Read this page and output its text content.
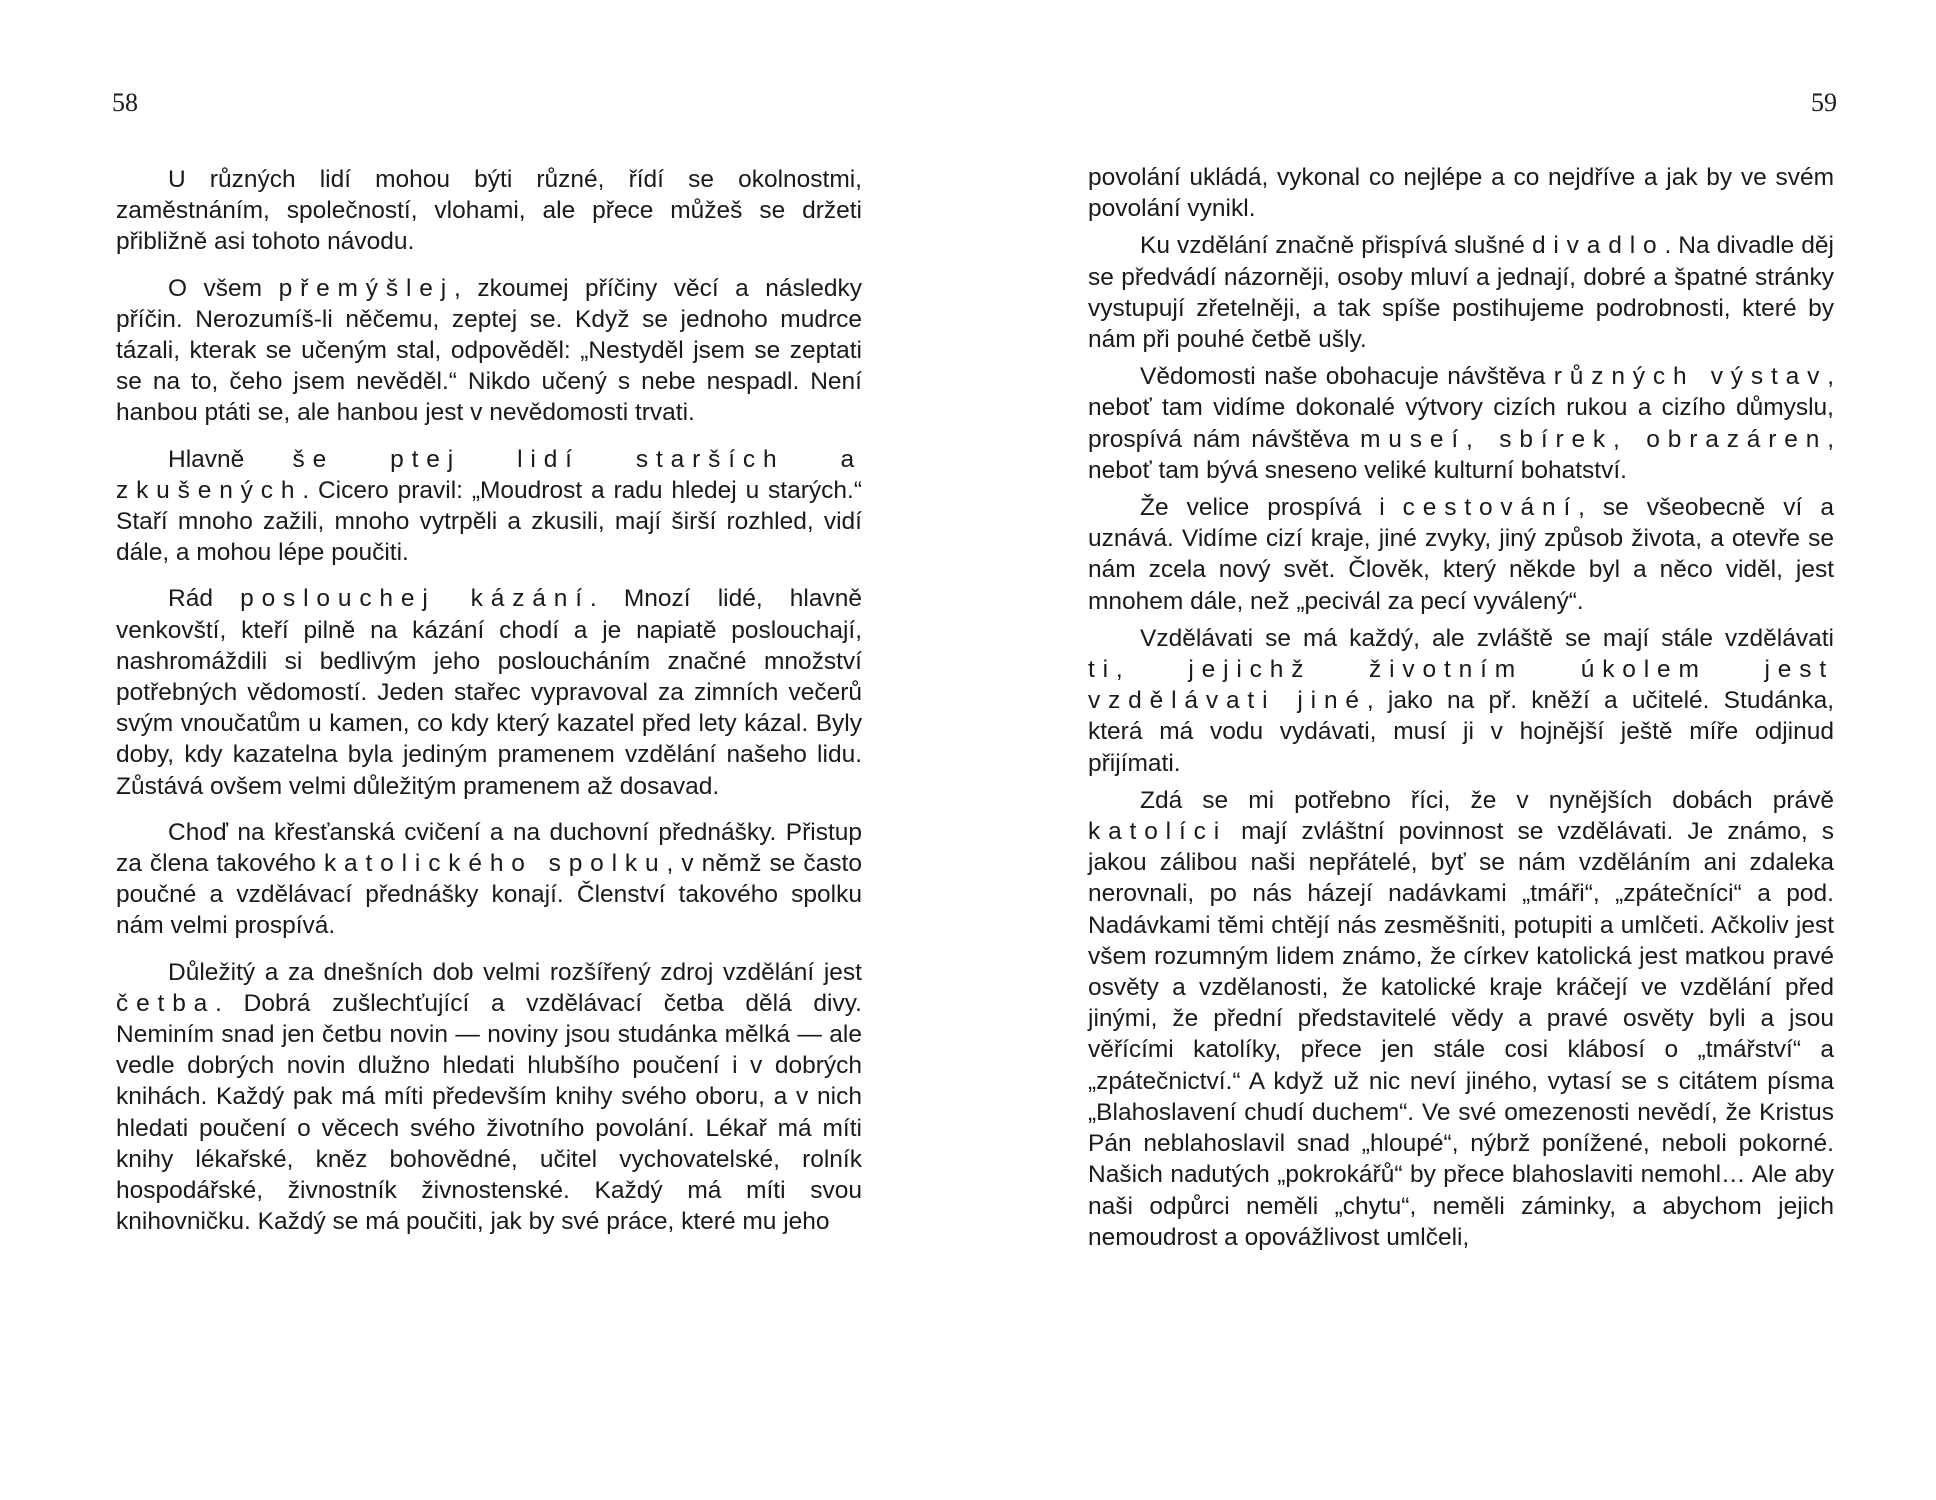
58

U různých lidí mohou býti různé, řídí se okolnostmi, zaměstnáním, společností, vlohami, ale přece můžeš se držeti přibližně asi tohoto návodu.

O všem přemýšlej, zkoumej příčiny věcí a následky příčin. Nerozumíš-li něčemu, zeptej se. Když se jednoho mudrce tázali, kterak se učeným stal, odpověděl: „Nestyděl jsem se zeptati se na to, čeho jsem nevěděl.“ Nikdo učený s nebe nespadl. Není hanbou ptáti se, ale hanbou jest v nevědomosti trvati.

Hlavně še ptej lidí starších a zkušených. Cicero pravil: „Moudrost a radu hledej u starých.“ Staří mnoho zažili, mnoho vytrpěli a zkusili, mají širší rozhled, vidí dále, a mohou lépe poučiti.

Rád posloucheј kázání. Mnozí lidé, hlavně venkovští, kteří pilně na kázání chodí a je napiatě poslouchají, nashromáždili si bedlivým jeho posloucháním značné množství potřebných vědomostí. Jeden stařec vypravoval za zimních večerů svým vnoučatům u kamen, co kdy který kazatel před lety kázal. Byly doby, kdy kazatelna byla jediným pramenem vzdělání našeho lidu. Zůstává ovšem velmi důležitým pramenem až dosavad.

Choď na křesťanská cvičení a na duchovní přednášky. Přistup za člena takového katolického spolku, v němž se často poučné a vzdělávací přednášky konají. Členství takového spolku nám velmi prospívá.

Důležitý a za dnešních dob velmi rozšířený zdroj vzdělání jest četba. Dobrá zušlechťující a vzdělávací četba dělá divy. Neminím snad jen četbu novin — noviny jsou studánka mělká — ale vedle dobrých novin dlužno hledati hlubšího poučení i v dobrých knihách. Každý pak má míti především knihy svého oboru, a v nich hledati poučení o věcech svého životního povolání. Lékař má míti knihy lékařské, kněz bohovědné, učitel vychovatelské, rolník hospodářské, živnostník živnostenské. Každý má míti svou knihovničku. Každý se má poučiti, jak by své práce, které mu jeho

59

povolání ukládá, vykonal co nejlépe a co nejdříve a jak by ve svém povolání vynikl.

Ku vzdělání značně přispívá slušné divadlo. Na divadle děj se předvádí názorněji, osoby mluví a jednají, dobré a špatné stránky vystupují zřetelněji, a tak spíše postihujeme podrobnosti, které by nám při pouhé četbě ušly.

Vědomosti naše obohacuje návštěva různých výstav, neboť tam vidíme dokonalé výtvory cizích rukou a cizího důmyslu, prospívá nám návštěva museí, sbírek, obrazáren, neboť tam bývá sneseno veliké kulturní bohatství.

Že velice prospívá i cestování, se všeobecně ví a uznává. Vidíme cizí kraje, jiné zvyky, jiný způsob života, a otevře se nám zcela nový svět. Člověk, který někde byl a něco viděl, jest mnohem dále, než „pecivál za pecí vyválený“.

Vzdělávati se má každý, ale zvláště se mají stále vzdělávati ti, jejichž životním úkolem jest vzdělávati jiné, jako na př. kněží a učitelé. Studánka, která má vodu vydávati, musí ji v hojnější ještě míře odjinud přijímati.

Zdá se mi potřebno říci, že v nynějších dobách právě katolíci mají zvláštní povinnost se vzdělávati. Je známo, s jakou zálibou naši nepřátelé, byť se nám vzděláním ani zdaleka nerovnali, po nás házejí nadávkami „tmáři“, „zpátečníci“ a pod. Nadávkami těmi chtějí nás zesměšniti, potupiti a umlčeti. Ačkoliv jest všem rozumným lidem známo, že církev katolická jest matkou pravé osvěty a vzdělanosti, že katolické kraje kráčejí ve vzdělání před jinými, že přední představitelé vědy a pravé osvěty byli a jsou věřícími katolíky, přece jen stále cosi klábosí o „tmářství“ a „zpátečnictví.“ A když už nic neví jiného, vytasí se s citátem písma „Blahoslavení chudí duchem“. Ve své omezenosti nevědí, že Kristus Pán neblahoslavil snad „hloupé“, nýbrž ponížené, neboli pokorné. Našich nadutých „pokrokářů“ by přece blahoslaviti nemohl… Ale aby naši odpůrci neměli „chytu“, neměli záminky, a abychom jejich nemoudrost a opovážlivost umlčeli,
